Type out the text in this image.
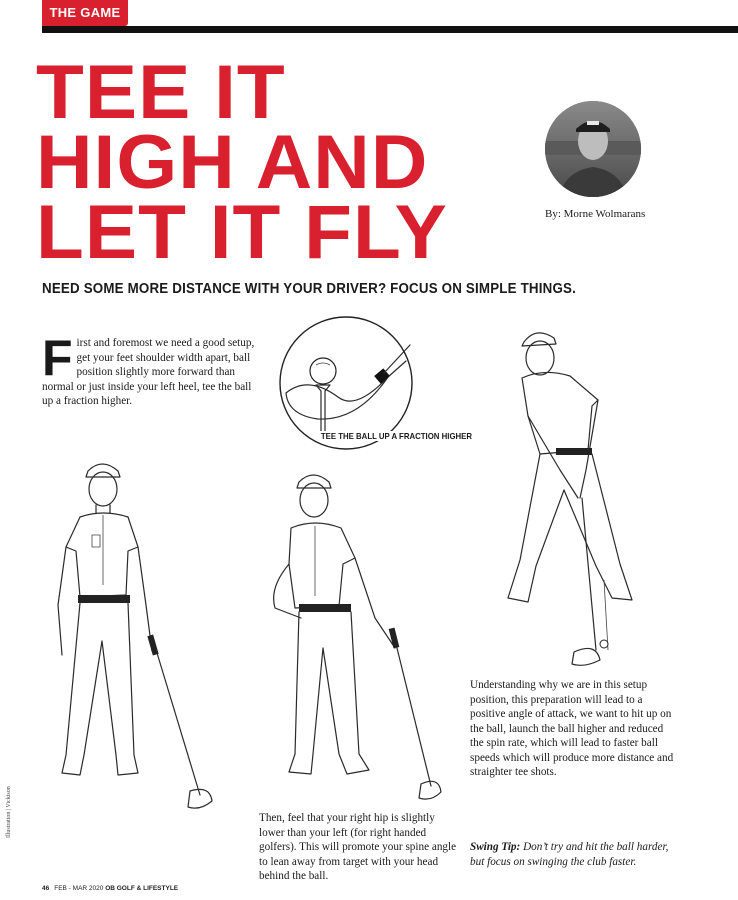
THE GAME
TEE IT
HIGH AND
LET IT FLY	By: Morne Wolmarans
NEED SOME MORE DISTANCE WITH YOUR DRIVER? FOCUS ON SIMPLE THINGS.

First and foremost we need a good setup, get your feet shoulder width apart, ball position slightly more forward than normal or just inside your left heel, tee the ball up a fraction higher.

TEE THE BALL UP A FRACTION HIGHER

Understanding why we are in this setup position, this preparation will lead to a positive angle of attack, we want to hit up on the ball, launch the ball higher and reduced the spin rate, which will lead to faster ball speeds which will produce more distance and straighter tee shots.

Then, feel that your right hip is slightly lower than your left (for right handed golfers). This will promote your spine angle to lean away from target with your head behind the ball.

Swing Tip: Don’t try and hit the ball harder, but focus on swinging the club faster.

Illustration | Vickison
46 FEB - MAR 2020 OB GOLF & LIFESTYLE
